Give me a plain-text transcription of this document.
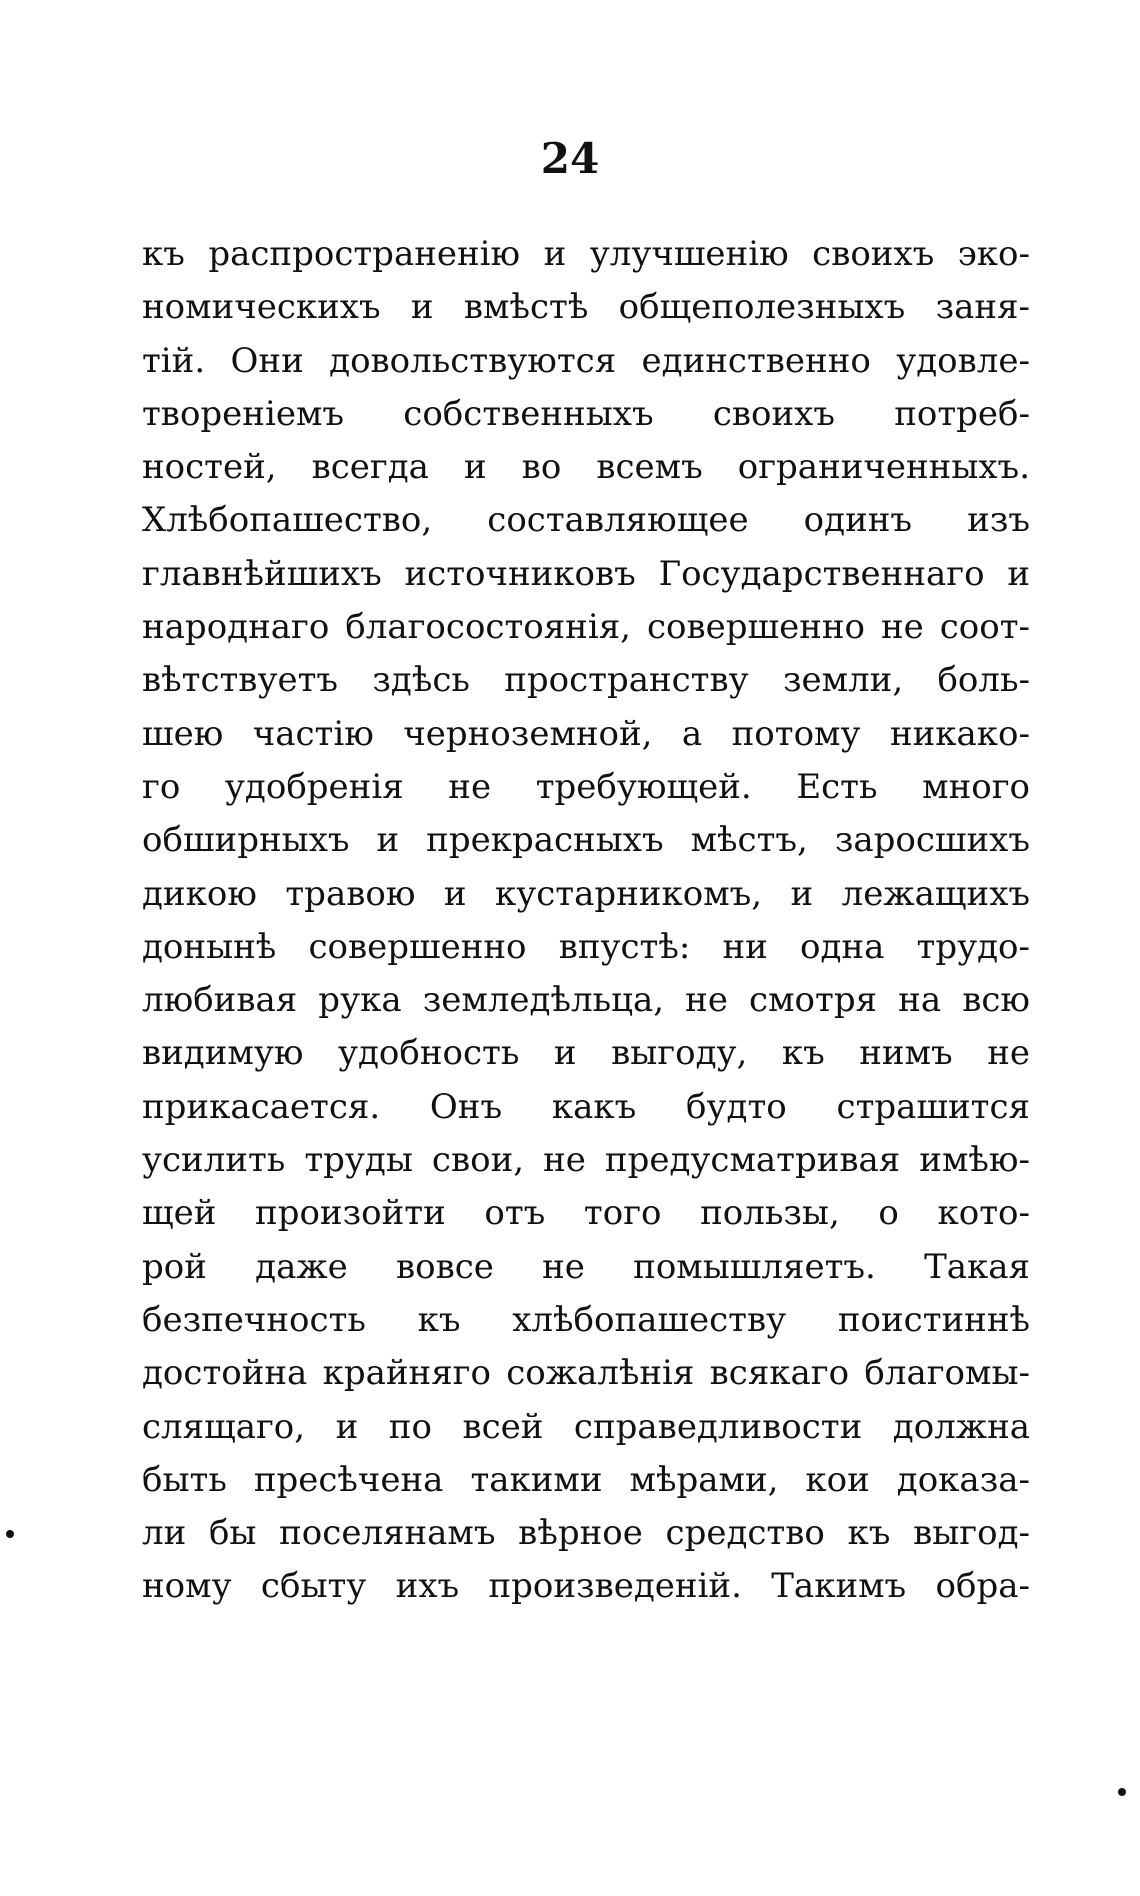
24
къ распространенію и улучшенію своихъ эко-
номическихъ и вмѣстѣ общеполезныхъ заня-
тій. Они довольствуются единственно удовле-
твореніемъ собственныхъ своихъ потреб-
ностей, всегда и во всемъ ограниченныхъ.
Хлѣбопашество, составляющее одинъ изъ
главнѣйшихъ источниковъ Государственнаго и
народнаго благосостоянія, совершенно не соот-
вѣтствуетъ здѣсь пространству земли, боль-
шею частію черноземной, а потому никако-
го удобренія не требующей. Есть много
обширныхъ и прекрасныхъ мѣстъ, заросшихъ
дикою травою и кустарникомъ, и лежащихъ
донынѣ совершенно впустѣ: ни одна трудо-
любивая рука земледѣльца, не смотря на всю
видимую удобность и выгоду, къ нимъ не
прикасается. Онъ какъ будто страшится
усилить труды свои, не предусматривая имѣю-
щей произойти отъ того пользы, о кото-
рой даже вовсе не помышляетъ. Такая
безпечность къ хлѣбопашеству поистиннѣ
достойна крайняго сожалѣнія всякаго благомы-
слящаго, и по всей справедливости должна
быть пресѣчена такими мѣрами, кои доказа-
ли бы поселянамъ вѣрное средство къ выгод-
ному сбыту ихъ произведеній. Такимъ обра-
